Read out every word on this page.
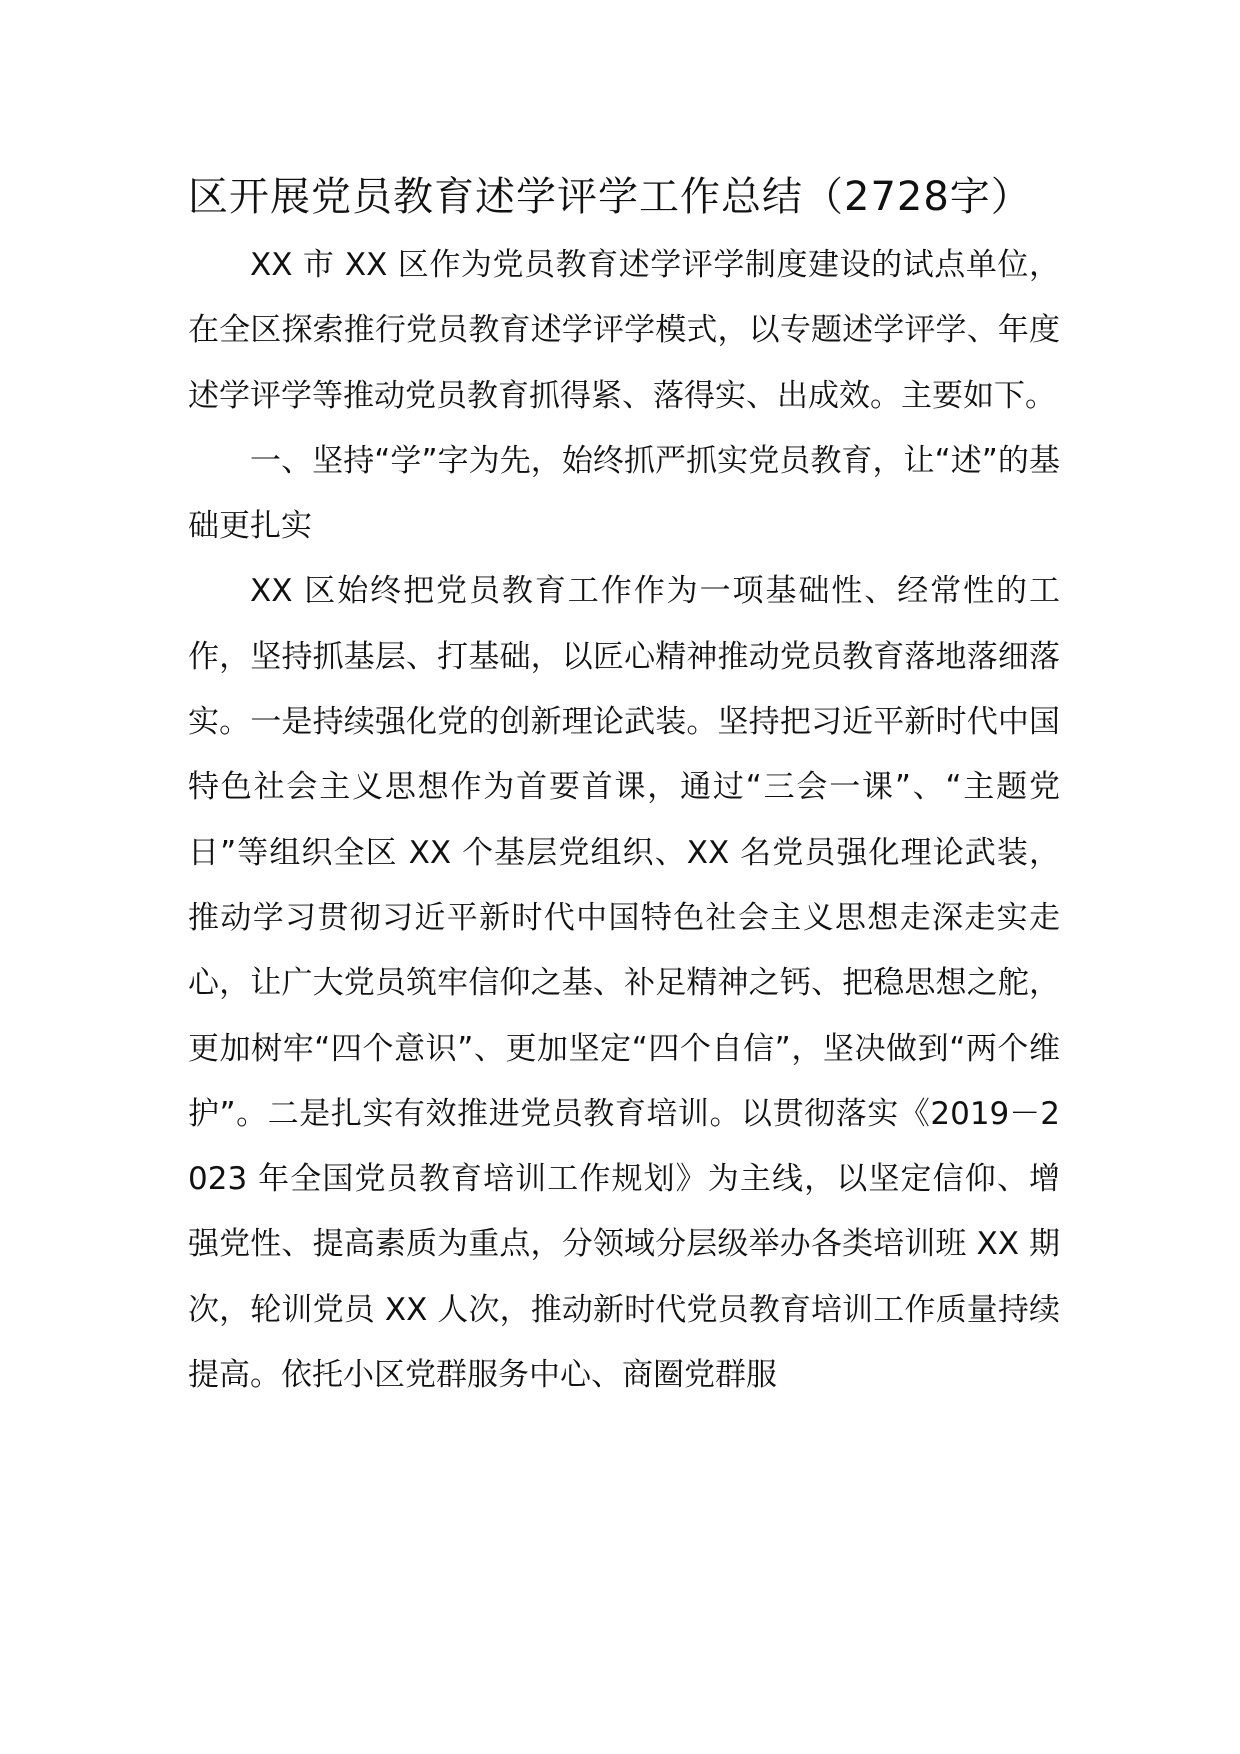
区开展党员教育述学评学工作总结（2728字）

XX 市 XX 区作为党员教育述学评学制度建设的试点单位，在全区探索推行党员教育述学评学模式，以专题述学评学、年度述学评学等推动党员教育抓得紧、落得实、出成效。主要如下。

一、坚持“学”字为先，始终抓严抓实党员教育，让“述”的基础更扎实

XX 区始终把党员教育工作作为一项基础性、经常性的工作，坚持抓基层、打基础，以匠心精神推动党员教育落地落细落实。一是持续强化党的创新理论武装。坚持把习近平新时代中国特色社会主义思想作为首要首课，通过“三会一课”、“主题党日”等组织全区 XX 个基层党组织、XX 名党员强化理论武装，推动学习贯彻习近平新时代中国特色社会主义思想走深走实走心，让广大党员筑牢信仰之基、补足精神之钙、把稳思想之舵，更加树牢“四个意识”、更加坚定“四个自信”，坚决做到“两个维护”。二是扎实有效推进党员教育培训。以贯彻落实《2019－2023 年全国党员教育培训工作规划》为主线，以坚定信仰、增强党性、提高素质为重点，分领域分层级举办各类培训班 XX 期次，轮训党员 XX 人次，推动新时代党员教育培训工作质量持续提高。依托小区党群服务中心、商圈党群服
